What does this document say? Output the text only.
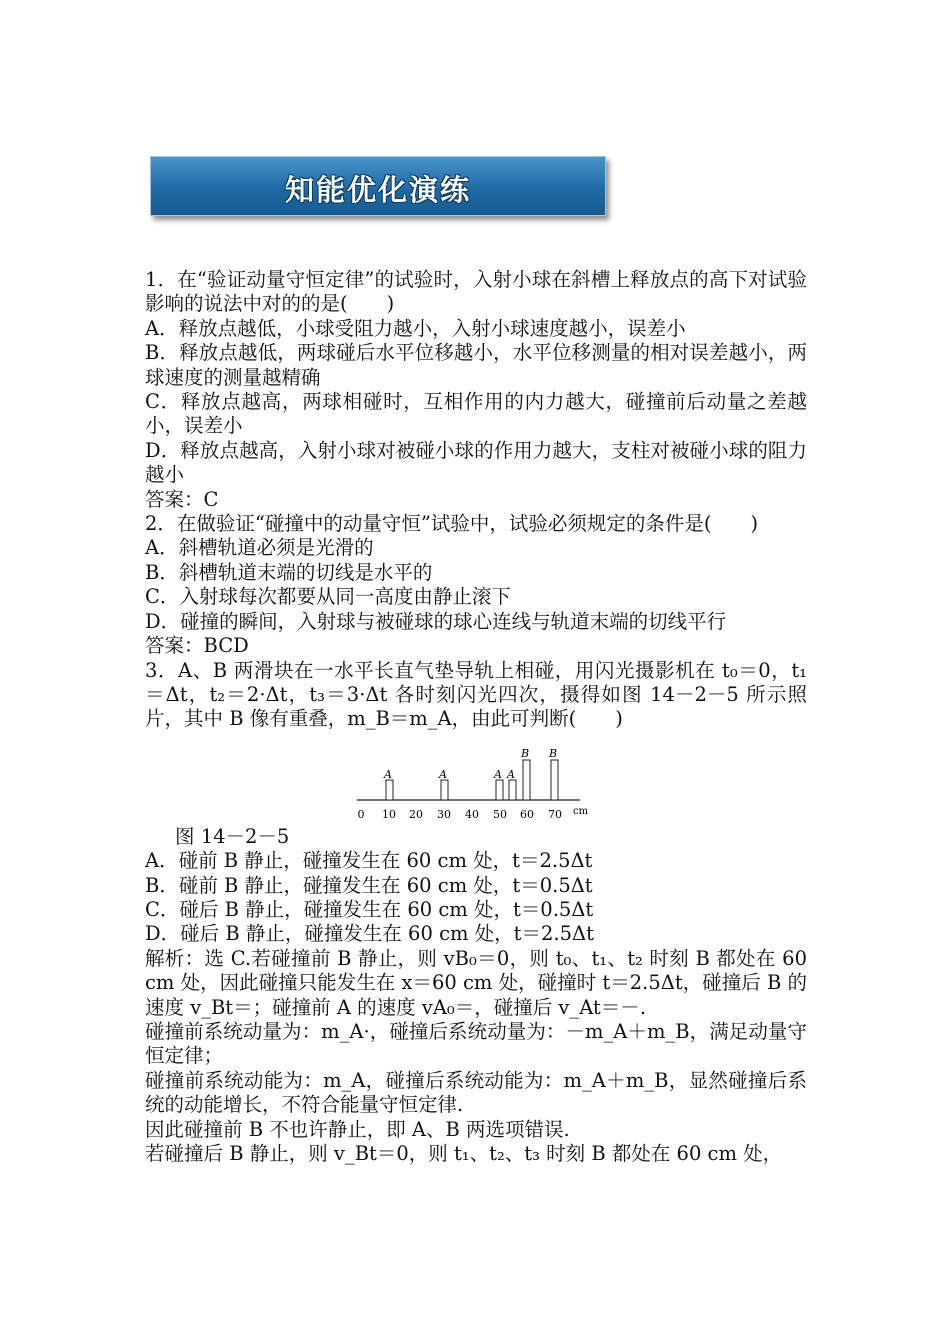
知能优化演练

1．在“验证动量守恒定律”的试验时，入射小球在斜槽上释放点的高下对试验影响的说法中对的的是(　　)

A．释放点越低，小球受阻力越小，入射小球速度越小，误差小

B．释放点越低，两球碰后水平位移越小，水平位移测量的相对误差越小，两球速度的测量越精确

C．释放点越高，两球相碰时，互相作用的内力越大，碰撞前后动量之差越小，误差小

D．释放点越高，入射小球对被碰小球的作用力越大，支柱对被碰小球的阻力越小

答案：C

2．在做验证“碰撞中的动量守恒”试验中，试验必须规定的条件是(　　)

A．斜槽轨道必须是光滑的

B．斜槽轨道末端的切线是水平的

C．入射球每次都要从同一高度由静止滚下

D．碰撞的瞬间，入射球与被碰球的球心连线与轨道末端的切线平行

答案：BCD

3．A、B 两滑块在一水平长直气垫导轨上相碰，用闪光摄影机在 t₀＝0，t₁＝Δt，t₂＝2·Δt，t₃＝3·Δt 各时刻闪光四次，摄得如图 14－2－5 所示照片，其中 B 像有重叠，m_B＝m_A，由此可判断(　　)

A	A	A A
B B
0 10 20 30 40 50 60 70 cm

图 14－2－5

A．碰前 B 静止，碰撞发生在 60 cm 处，t＝2.5Δt

B．碰前 B 静止，碰撞发生在 60 cm 处，t＝0.5Δt

C．碰后 B 静止，碰撞发生在 60 cm 处，t＝0.5Δt

D．碰后 B 静止，碰撞发生在 60 cm 处，t＝2.5Δt

解析：选 C.若碰撞前 B 静止，则 vB₀＝0，则 t₀、t₁、t₂ 时刻 B 都处在 60 cm 处，因此碰撞只能发生在 x＝60 cm 处，碰撞时 t＝2.5Δt，碰撞后 B 的速度 v_Bt＝；碰撞前 A 的速度 vA₀＝，碰撞后 v_At＝－.

碰撞前系统动量为：m_A·，碰撞后系统动量为：－m_A＋m_B，满足动量守恒定律；

碰撞前系统动能为：m_A，碰撞后系统动能为：m_A＋m_B，显然碰撞后系统的动能增长，不符合能量守恒定律.

因此碰撞前 B 不也许静止，即 A、B 两选项错误.

若碰撞后 B 静止，则 v_Bt＝0，则 t₁、t₂、t₃ 时刻 B 都处在 60 cm 处，
